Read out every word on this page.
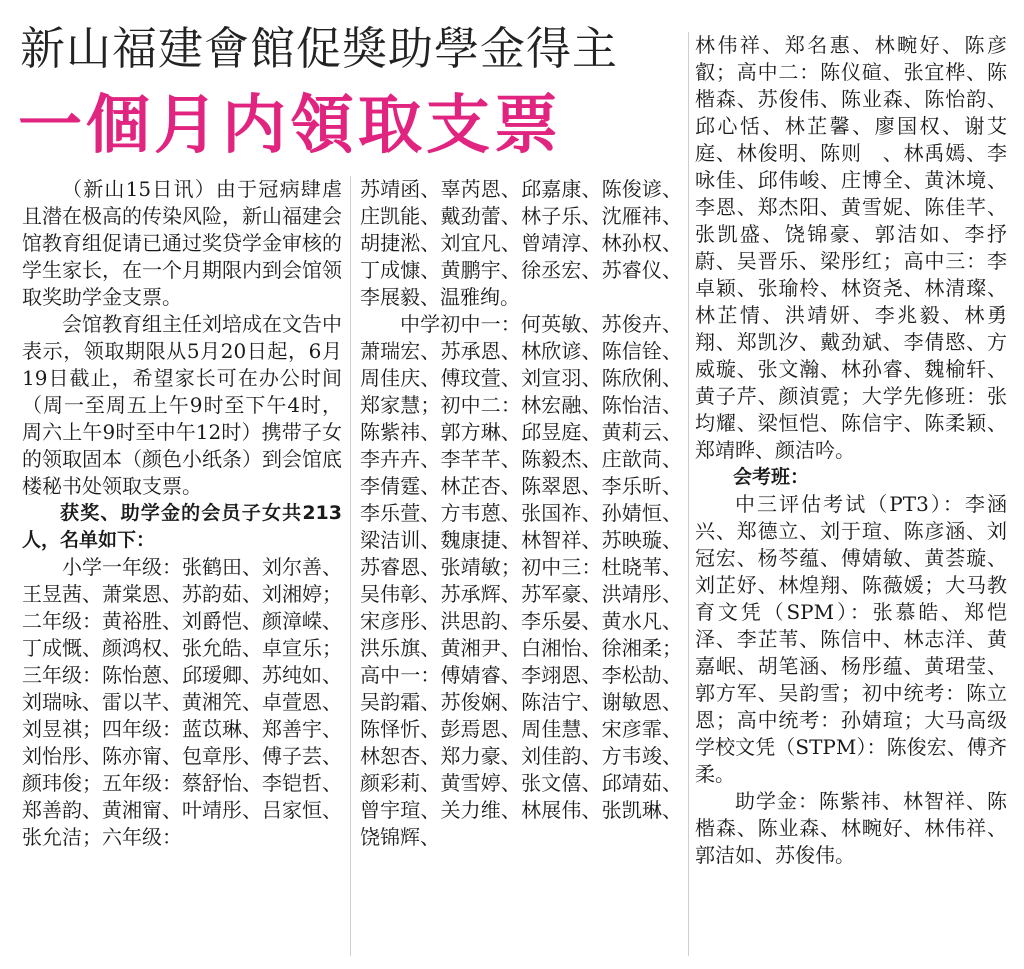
新山福建會館促獎助學金得主
一個月内領取支票

（新山15日讯）由于冠病肆虐且潜在极高的传染风险，新山福建会馆教育组促请已通过奖贷学金审核的学生家长，在一个月期限内到会馆领取奖助学金支票。

会馆教育组主任刘培成在文告中表示，领取期限从5月20日起，6月19日截止，希望家长可在办公时间（周一至周五上午9时至下午4时，周六上午9时至中午12时）携带子女的领取固本（颜色小纸条）到会馆底楼秘书处领取支票。

获奖、助学金的会员子女共213人，名单如下：

小学一年级：张鹤田、刘尔善、王昱茜、萧棠恩、苏韵茹、刘湘婷；二年级：黄裕胜、刘爵恺、颜漳嵘、丁成慨、颜鸿权、张允皓、卓宣乐；三年级：陈怡蒽、邱瑷卿、苏纯如、刘瑞咏、雷以芊、黄湘笐、卓萱恩、刘昱祺；四年级：蓝苡琳、郑善宇、刘怡彤、陈亦甯、包章彤、傅子芸、颜玮俊；五年级：蔡舒怡、李铠哲、郑善韵、黄湘甯、叶靖彤、吕家恒、张允洁；六年级：

苏靖函、辜芮恩、邱嘉康、陈俊谚、庄凯能、戴劲蕾、林子乐、沈雁祎、胡捷淞、刘宜凡、曾靖淳、林孙权、丁成慷、黄鹏宇、徐丞宏、苏睿仪、李展毅、温雅绚。

中学初中一：何英敏、苏俊卉、萧瑞宏、苏承恩、林欣谚、陈信铨、周佳庆、傅玟萱、刘宣羽、陈欣俐、郑家慧；初中二：林宏融、陈怡洁、陈紫祎、郭方琳、邱昱庭、黄莉云、李卉卉、李芊芊、陈毅杰、庄歆苘、李倩霆、林芷杏、陈翠恩、李乐昕、李乐萱、方韦蒽、张国祚、孙婧恒、梁洁训、魏康捷、林智祥、苏映璇、苏睿恩、张靖敏；初中三：杜晓苇、吴伟彰、苏承辉、苏军豪、洪靖彤、宋彦彤、洪思韵、李乐晏、黄水凡、洪乐旗、黄湘尹、白湘怡、徐湘柔；高中一：傅婧睿、李翊恩、李松劼、吴韵霜、苏俊娴、陈洁宁、谢敏恩、陈怿忻、彭焉恩、周佳慧、宋彦霏、林恕杏、郑力豪、刘佳韵、方韦竣、颜彩莉、黄雪婷、张文僖、邱靖茹、曾宇瑄、关力维、林展伟、张凯琳、饶锦辉、

林伟祥、郑名惠、林畹好、陈彦叡；高中二：陈仪碹、张宜桦、陈楷森、苏俊伟、陈业森、陈怡韵、邱心恬、林芷馨、廖国权、谢艾庭、林俊明、陈则　、林禹嫣、李咏佳、邱伟峻、庄博全、黄沐境、李恩、郑杰阳、黄雪妮、陈佳芊、张凯盛、饶锦豪、郭洁如、李抒蔚、吴晋乐、梁彤红；高中三：李卓颖、张瑜柃、林资尧、林清璨、林芷情、洪靖妍、李兆毅、林勇翔、郑凯汐、戴劲斌、李倩愍、方威璇、张文瀚、林孙睿、魏榆轩、黄子芹、颜湞霓；大学先修班：张均耀、梁恒恺、陈信宇、陈柔颖、郑靖晔、颜洁吟。

会考班：

中三评估考试（PT3）：李涵兴、郑德立、刘于瑄、陈彦涵、刘冠宏、杨芩蕴、傅婧敏、黄荟璇、刘芷妤、林煌翔、陈薇媛；大马教育文凭（SPM）：张慕皓、郑恺泽、李芷苇、陈信中、林志洋、黄嘉岷、胡笔涵、杨彤蕴、黄珺莹、郭方军、吴韵雪；初中统考：陈立恩；高中统考：孙婧瑄；大马高级学校文凭（STPM）：陈俊宏、傅齐柔。

助学金：陈紫祎、林智祥、陈楷森、陈业森、林畹好、林伟祥、郭洁如、苏俊伟。
